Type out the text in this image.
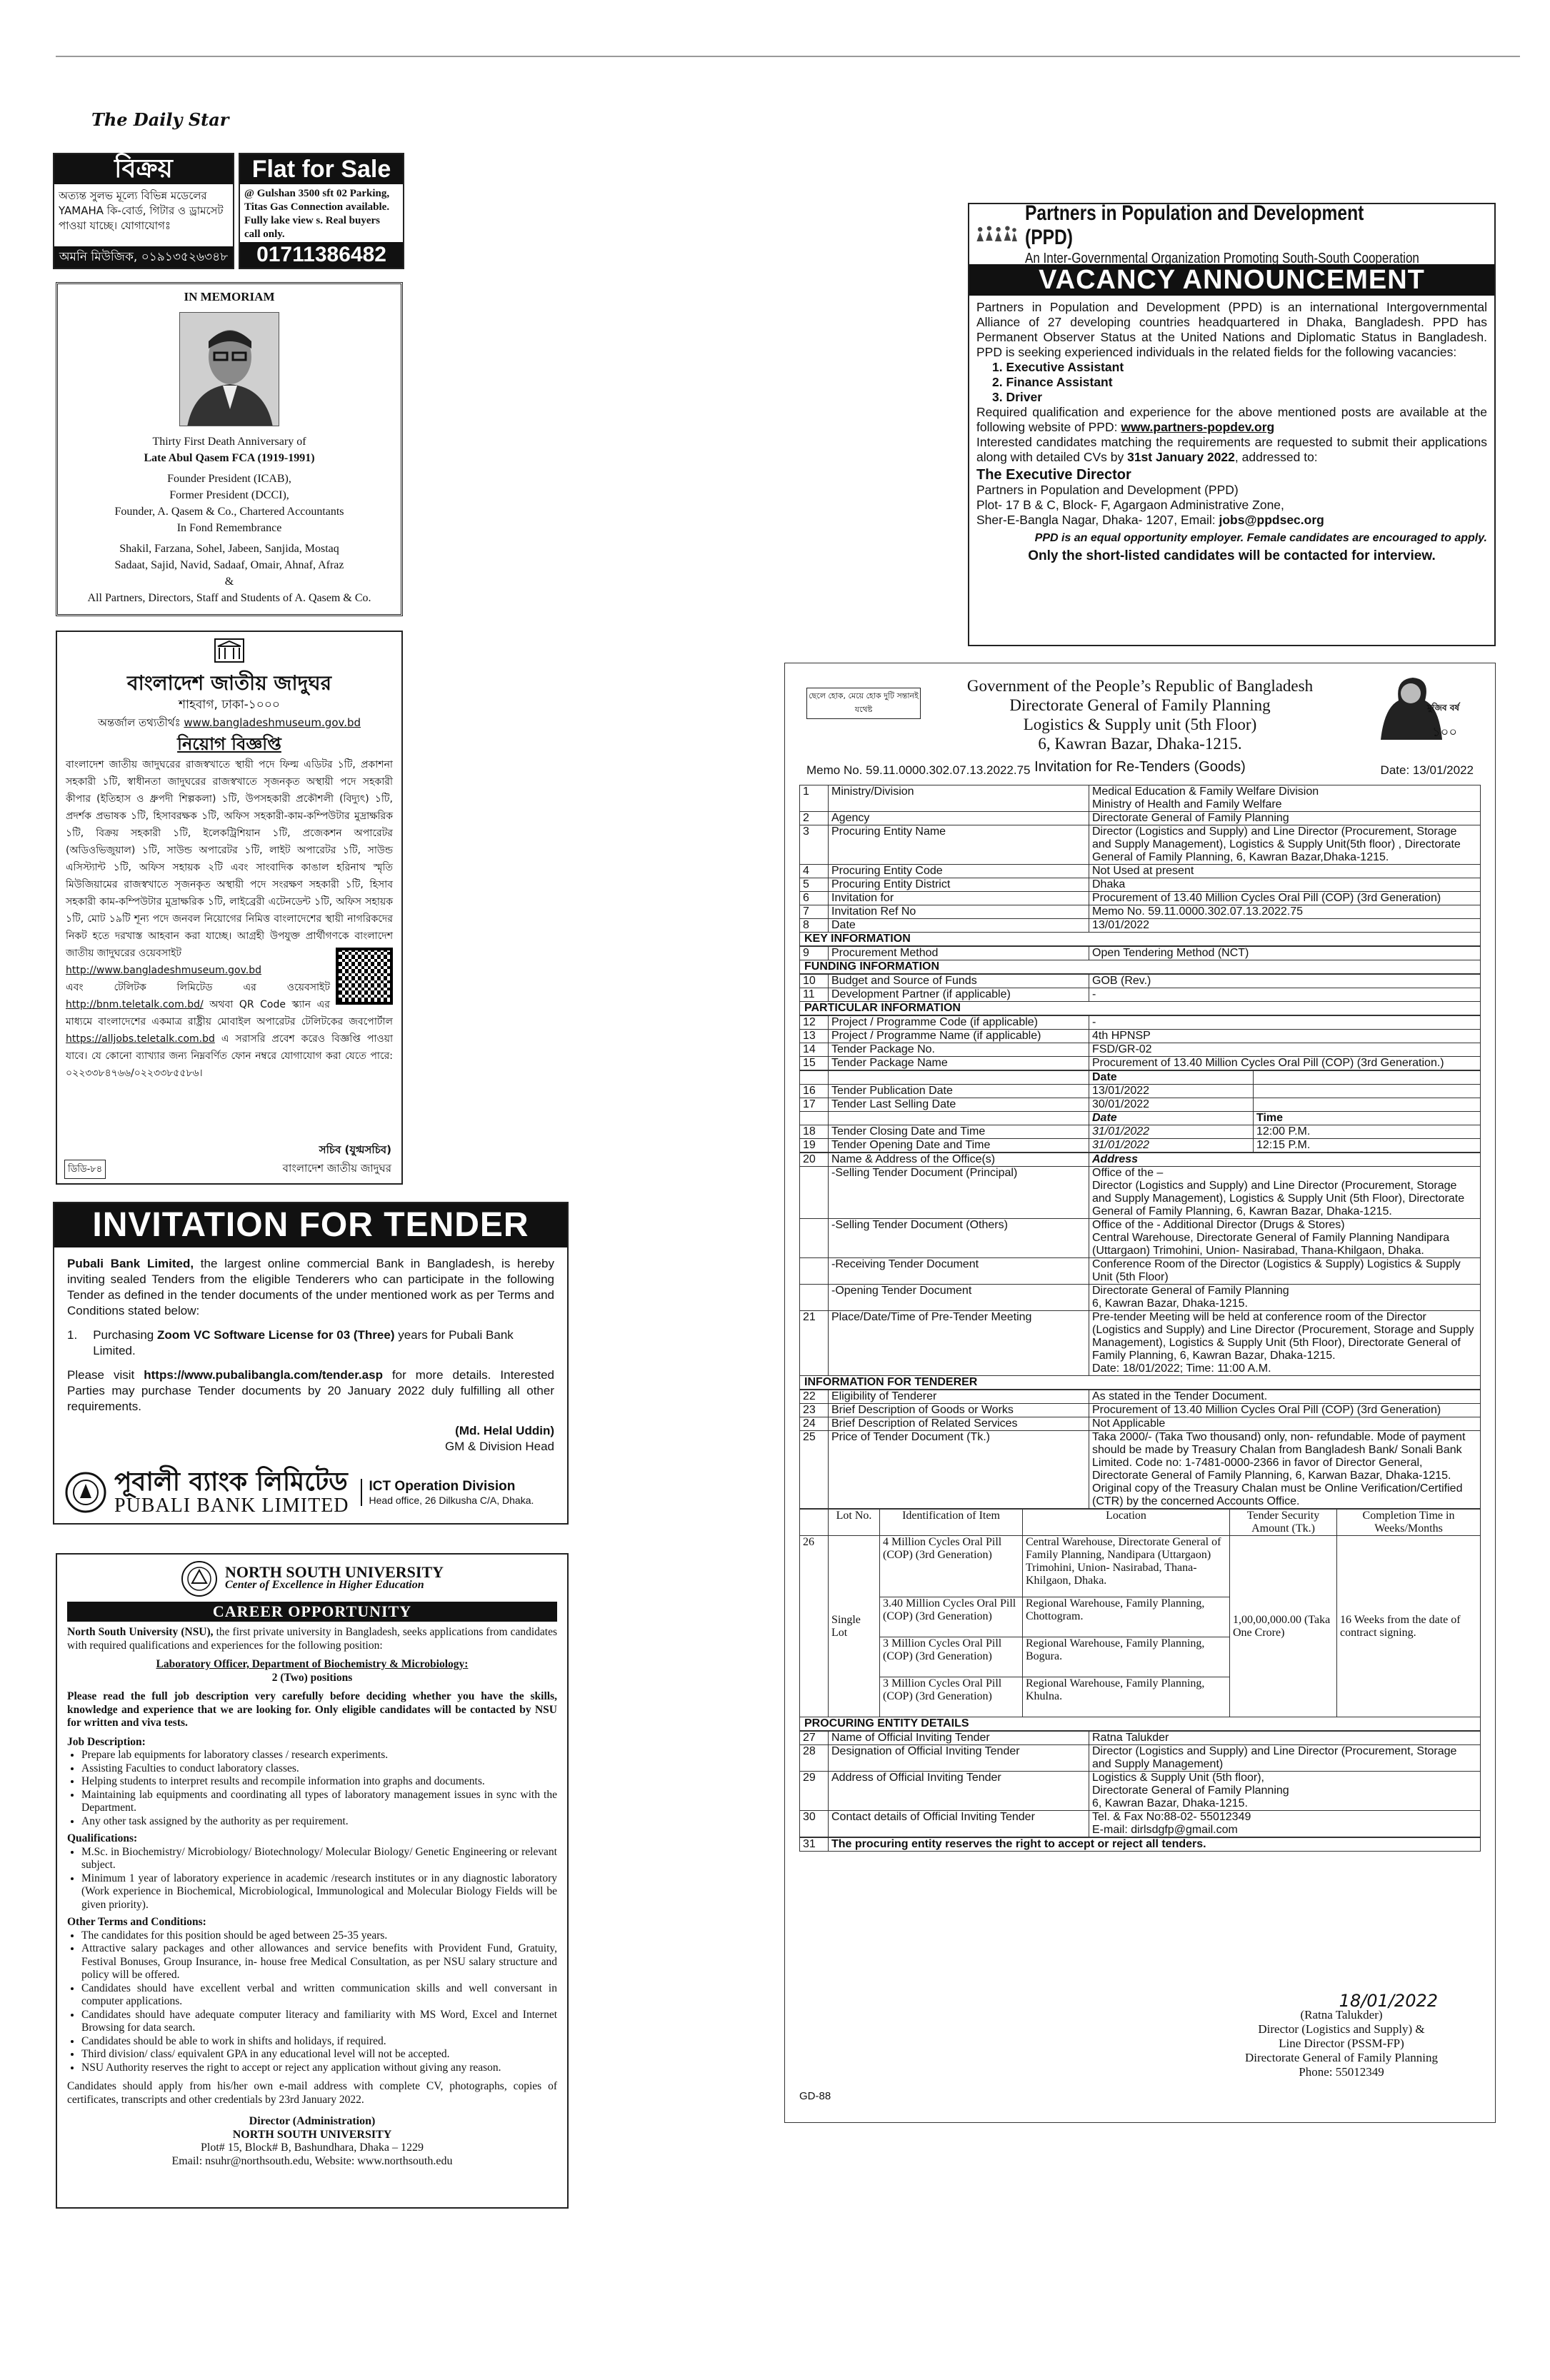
The Daily Star
বিক্রয়
অত্যন্ত সুলভ মূল্যে বিভিন্ন মডেলের YAMAHA কি-বোর্ড, গিটার ও ড্রামসেট পাওয়া যাচ্ছে। যোগাযোগঃ
অমনি মিউজিক, ০১৯১৩৫২৬৩৪৮
Flat for Sale
@ Gulshan 3500 sft 02 Parking, Titas Gas Connection available. Fully lake view s. Real buyers call only.
01711386482
IN MEMORIAM
Thirty First Death Anniversary of
Late Abul Qasem FCA (1919-1991)
Founder President (ICAB),
Former President (DCCI),
Founder, A. Qasem & Co., Chartered Accountants
In Fond Remembrance
Shakil, Farzana, Sohel, Jabeen, Sanjida, Mostaq
Sadaat, Sajid, Navid, Sadaaf, Omair, Ahnaf, Afraz
&
All Partners, Directors, Staff and Students of A. Qasem & Co.
বাংলাদেশ জাতীয় জাদুঘর
শাহবাগ, ঢাকা-১০০০
অন্তর্জাল তথ্যতীর্থঃ www.bangladeshmuseum.gov.bd
নিয়োগ বিজ্ঞপ্তি
বাংলাদেশ জাতীয় জাদুঘরের রাজস্বখাতে স্থায়ী পদে ফিল্ম এডিটর ১টি, প্রকাশনা সহকারী ১টি, স্বাধীনতা জাদুঘরের রাজস্বখাতে সৃজনকৃত অস্থায়ী পদে সহকারী কীপার (ইতিহাস ও ধ্রুপদী শিল্পকলা) ১টি, উপসহকারী প্রকৌশলী (বিদ্যুৎ) ১টি, প্রদর্শক প্রভাষক ১টি, হিসাবরক্ষক ১টি, অফিস সহকারী-কাম-কম্পিউটার মুদ্রাক্ষরিক ১টি, বিক্রয় সহকারী ১টি, ইলেকট্রিশিয়ান ১টি, প্রজেকশন অপারেটর (অডিওভিজুয়াল) ১টি, সাউন্ড অপারেটর ১টি, লাইট অপারেটর ১টি, সাউন্ড এসিস্ট্যান্ট ১টি, অফিস সহায়ক ২টি এবং সাংবাদিক কাঙাল হরিনাথ স্মৃতি মিউজিয়ামের রাজস্বখাতে সৃজনকৃত অস্থায়ী পদে সংরক্ষণ সহকারী ১টি, হিসাব সহকারী কাম-কম্পিউটার মুদ্রাক্ষরিক ১টি, লাইব্রেরী এটেনডেন্ট ১টি, অফিস সহায়ক ১টি, মোট ১৯টি শূন্য পদে জনবল নিয়োগের নিমিত্ত বাংলাদেশের স্থায়ী নাগরিকদের নিকট হতে দরখাস্ত আহবান করা যাচ্ছে। আগ্রহী উপযুক্ত প্রার্থীগণকে বাংলাদেশ জাতীয় জাদুঘরের ওয়েবসাইট
http://www.bangladeshmuseum.gov.bd
এবং টেলিটক লিমিটেড এর ওয়েবসাইট http://bnm.teletalk.com.bd/ অথবা QR Code স্ক্যান এর মাধ্যমে বাংলাদেশের একমাত্র রাষ্ট্রীয় মোবাইল অপারেটর টেলিটকের জবপোর্টাল https://alljobs.teletalk.com.bd এ সরাসরি প্রবেশ করেও বিজ্ঞপ্তি পাওয়া যাবে। যে কোনো ব্যাখ্যার জন্য নিম্নবর্ণিত ফোন নম্বরে যোগাযোগ করা যেতে পারে: ০২২৩৩৮৪৭৬৬/০২২৩৩৮৫৫৮৬।
সচিব (যুগ্মসচিব)
ডিডি-৮৪	বাংলাদেশ জাতীয় জাদুঘর
INVITATION FOR TENDER

Pubali Bank Limited, the largest online commercial Bank in Bangladesh, is hereby inviting sealed Tenders from the eligible Tenderers who can participate in the following Tender as defined in the tender documents of the under mentioned work as per Terms and Conditions stated below:

1. Purchasing Zoom VC Software License for 03 (Three) years for Pubali Bank Limited.

Please visit https://www.pubalibangla.com/tender.asp for more details. Interested Parties may purchase Tender documents by 20 January 2022 duly fulfilling all other requirements.

(Md. Helal Uddin)

GM & Division Head

পূবালী ব্যাংক লিমিটেড
PUBALI BANK LIMITED
ICT Operation Division
Head office, 26 Dilkusha C/A, Dhaka.
NORTH SOUTH UNIVERSITY
Center of Excellence in Higher Education
CAREER OPPORTUNITY

North South University (NSU), the first private university in Bangladesh, seeks applications from candidates with required qualifications and experiences for the following position:

Laboratory Officer, Department of Biochemistry & Microbiology:

2 (Two) positions

Please read the full job description very carefully before deciding whether you have the skills, knowledge and experience that we are looking for. Only eligible candidates will be contacted by NSU for written and viva tests.

Job Description:

• Prepare lab equipments for laboratory classes / research experiments.
• Assisting Faculties to conduct laboratory classes.
• Helping students to interpret results and recompile information into graphs and documents.
• Maintaining lab equipments and coordinating all types of laboratory management issues in sync with the Department.
• Any other task assigned by the authority as per requirement.

Qualifications:

• M.Sc. in Biochemistry/ Microbiology/ Biotechnology/ Molecular Biology/ Genetic Engineering or relevant subject.
• Minimum 1 year of laboratory experience in academic /research institutes or in any diagnostic laboratory (Work experience in Biochemical, Microbiological, Immunological and Molecular Biology Fields will be given priority).

Other Terms and Conditions:

• The candidates for this position should be aged between 25-35 years.
• Attractive salary packages and other allowances and service benefits with Provident Fund, Gratuity, Festival Bonuses, Group Insurance, in- house free Medical Consultation, as per NSU salary structure and policy will be offered.
• Candidates should have excellent verbal and written communication skills and well conversant in computer applications.
• Candidates should have adequate computer literacy and familiarity with MS Word, Excel and Internet Browsing for data search.
• Candidates should be able to work in shifts and holidays, if required.
• Third division/ class/ equivalent GPA in any educational level will not be accepted.
• NSU Authority reserves the right to accept or reject any application without giving any reason.

Candidates should apply from his/her own e-mail address with complete CV, photographs, copies of certificates, transcripts and other credentials by 23rd January 2022.

Director (Administration)
NORTH SOUTH UNIVERSITY
Plot# 15, Block# B, Bashundhara, Dhaka – 1229
Email: nsuhr@northsouth.edu, Website: www.northsouth.edu
Partners in Population and Development (PPD)
An Inter-Governmental Organization Promoting South-South Cooperation
VACANCY ANNOUNCEMENT

Partners in Population and Development (PPD) is an international Intergovernmental Alliance of 27 developing countries headquartered in Dhaka, Bangladesh. PPD has Permanent Observer Status at the United Nations and Diplomatic Status in Bangladesh. PPD is seeking experienced individuals in the related fields for the following vacancies:

1. Executive Assistant

2. Finance Assistant

3. Driver

Required qualification and experience for the above mentioned posts are available at the following website of PPD: www.partners-popdev.org

Interested candidates matching the requirements are requested to submit their applications along with detailed CVs by 31st January 2022, addressed to:

The Executive Director

Partners in Population and Development (PPD)

Plot- 17 B & C, Block- F, Agargaon Administrative Zone,

Sher-E-Bangla Nagar, Dhaka- 1207, Email: jobs@ppdsec.org

PPD is an equal opportunity employer. Female candidates are encouraged to apply.

Only the short-listed candidates will be contacted for interview.

ছেলে হোক, মেয়ে হোক দুটি সন্তানই যথেষ্ট
Government of the People’s Republic of Bangladesh
Directorate General of Family Planning
Logistics & Supply unit (5th Floor)
6, Kawran Bazar, Dhaka-1215.
Invitation for Re-Tenders (Goods)
১০০
মুজিব বর্ষ
Memo No. 59.11.0000.302.07.13.2022.75	Date: 13/01/2022
1	Ministry/Division	Medical Education & Family Welfare Division
Ministry of Health and Family Welfare
2	Agency	Directorate General of Family Planning
3	Procuring Entity Name	Director (Logistics and Supply) and Line Director (Procurement, Storage and Supply Management), Logistics & Supply Unit(5th floor) , Directorate General of Family Planning, 6, Kawran Bazar,Dhaka-1215.
4	Procuring Entity Code	Not Used at present
5	Procuring Entity District	Dhaka
6	Invitation for	Procurement of 13.40 Million Cycles Oral Pill (COP) (3rd Generation)
7	Invitation Ref No	Memo No. 59.11.0000.302.07.13.2022.75
8	Date	13/01/2022
KEY INFORMATION
9	Procurement Method	Open Tendering Method (NCT)
FUNDING INFORMATION
10	Budget and Source of Funds	GOB (Rev.)
11	Development Partner (if applicable)	-
PARTICULAR INFORMATION
12	Project / Programme Code (if applicable)	-
13	Project / Programme Name (if applicable)	4th HPNSP
14	Tender Package No.	FSD/GR-02
15	Tender Package Name	Procurement of 13.40 Million Cycles Oral Pill (COP) (3rd Generation.)
		Date	
16	Tender Publication Date	13/01/2022	
17	Tender Last Selling Date	30/01/2022	
		Date	Time
18	Tender Closing Date and Time	31/01/2022	12:00 P.M.
19	Tender Opening Date and Time	31/01/2022	12:15 P.M.
20	Name & Address of the Office(s)	Address
	-Selling Tender Document (Principal)	Office of the –
Director (Logistics and Supply) and Line Director (Procurement, Storage and Supply Management), Logistics & Supply Unit (5th Floor), Directorate General of Family Planning, 6, Kawran Bazar, Dhaka-1215.
	-Selling Tender Document (Others)	Office of the - Additional Director (Drugs & Stores)
Central Warehouse, Directorate General of Family Planning Nandipara (Uttargaon) Trimohini, Union- Nasirabad, Thana-Khilgaon, Dhaka.
	-Receiving Tender Document	Conference Room of the Director (Logistics & Supply) Logistics & Supply Unit (5th Floor)
	-Opening Tender Document	Directorate General of Family Planning
6, Kawran Bazar, Dhaka-1215.
21	Place/Date/Time of Pre-Tender Meeting	Pre-tender Meeting will be held at conference room of the Director (Logistics and Supply) and Line Director (Procurement, Storage and Supply Management), Logistics & Supply Unit (5th Floor), Directorate General of Family Planning, 6, Kawran Bazar, Dhaka-1215.
Date: 18/01/2022; Time: 11:00 A.M.
INFORMATION FOR TENDERER
22	Eligibility of Tenderer	As stated in the Tender Document.
23	Brief Description of Goods or Works	Procurement of 13.40 Million Cycles Oral Pill (COP) (3rd Generation)
24	Brief Description of Related Services	Not Applicable
25	Price of Tender Document (Tk.)	Taka 2000/- (Taka Two thousand) only, non- refundable. Mode of payment should be made by Treasury Chalan from Bangladesh Bank/ Sonali Bank Limited. Code no: 1-7481-0000-2366 in favor of Director General, Directorate General of Family Planning, 6, Karwan Bazar, Dhaka-1215. Original copy of the Treasury Chalan must be Online Verification/Certified (CTR) by the concerned Accounts Office.
	Lot No.	Identification of Item	Location	Tender Security Amount (Tk.)	Completion Time in Weeks/Months
26	Single Lot	4 Million Cycles Oral Pill (COP) (3rd Generation)	Central Warehouse, Directorate General of Family Planning, Nandipara (Uttargaon) Trimohini, Union- Nasirabad, Thana-Khilgaon, Dhaka.	1,00,00,000.00 (Taka One Crore)	16 Weeks from the date of contract signing.
		3.40 Million Cycles Oral Pill (COP) (3rd Generation)	Regional Warehouse, Family Planning, Chottogram.		
		3 Million Cycles Oral Pill (COP) (3rd Generation)	Regional Warehouse, Family Planning, Bogura.		
		3 Million Cycles Oral Pill (COP) (3rd Generation)	Regional Warehouse, Family Planning, Khulna.		
PROCURING ENTITY DETAILS
27	Name of Official Inviting Tender	Ratna Talukder
28	Designation of Official Inviting Tender	Director (Logistics and Supply) and Line Director (Procurement, Storage and Supply Management)
29	Address of Official Inviting Tender	Logistics & Supply Unit (5th floor),
Directorate General of Family Planning
6, Kawran Bazar, Dhaka-1215.
30	Contact details of Official Inviting Tender	Tel. & Fax No:88-02- 55012349
E-mail: dirlsdgfp@gmail.com
31	The procuring entity reserves the right to accept or reject all tenders.
18/01/2022
(Ratna Talukder)
Director (Logistics and Supply) &
Line Director (PSSM-FP)
Directorate General of Family Planning
Phone: 55012349
GD-88
